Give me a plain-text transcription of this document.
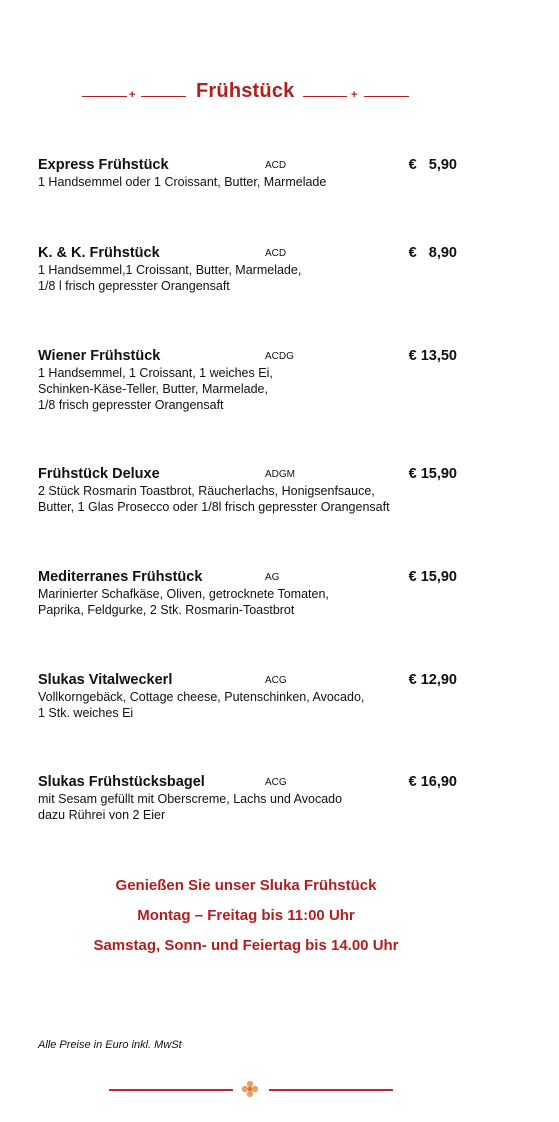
+	Frühstück	+
Express Frühstück	ACD	€   5,90
1 Handsemmel oder 1 Croissant, Butter, Marmelade
K. & K. Frühstück	ACD	€   8,90
1 Handsemmel,1 Croissant, Butter, Marmelade,
1/8 l frisch gepresster Orangensaft
Wiener Frühstück	ACDG	€ 13,50
1 Handsemmel, 1 Croissant, 1 weiches Ei,
Schinken-Käse-Teller, Butter, Marmelade,
1/8 frisch gepresster Orangensaft
Frühstück Deluxe	ADGM	€ 15,90
2 Stück Rosmarin Toastbrot, Räucherlachs, Honigsenfsauce,
Butter, 1 Glas Prosecco oder 1/8l frisch gepresster Orangensaft
Mediterranes Frühstück	AG	€ 15,90
Marinierter Schafkäse, Oliven, getrocknete Tomaten,
Paprika, Feldgurke, 2 Stk. Rosmarin-Toastbrot
Slukas Vitalweckerl	ACG	€ 12,90
Vollkorngebäck, Cottage cheese, Putenschinken, Avocado,
1 Stk. weiches Ei
Slukas Frühstücksbagel	ACG	€ 16,90
mit Sesam gefüllt mit Oberscreme, Lachs und Avocado
dazu Rührei von 2 Eier
Genießen Sie unser Sluka Frühstück
Montag – Freitag bis 11:00 Uhr
Samstag, Sonn- und Feiertag bis 14.00 Uhr
Alle Preise in Euro inkl. MwSt
